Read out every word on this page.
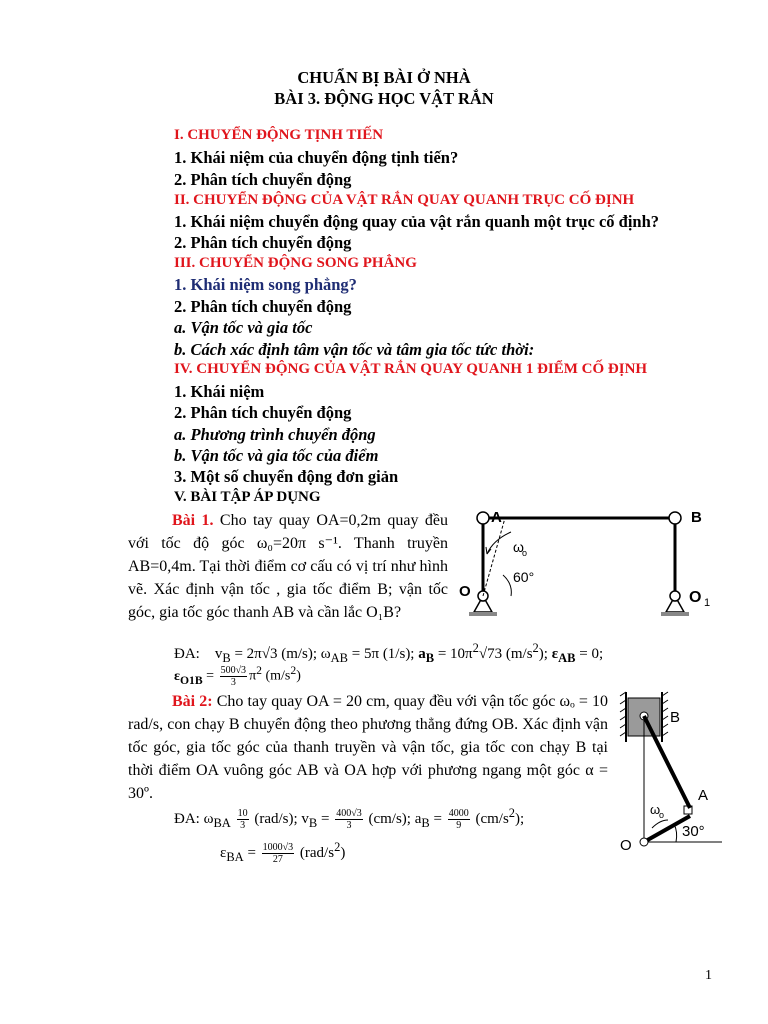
CHUẨN BỊ BÀI Ở NHÀ
BÀI 3. ĐỘNG HỌC VẬT RẮN
I. CHUYỂN ĐỘNG TỊNH TIẾN
1. Khái niệm của chuyển động tịnh tiến?
2. Phân tích chuyển động
II. CHUYỂN ĐỘNG CỦA VẬT RẮN QUAY QUANH TRỤC CỐ ĐỊNH
1. Khái niệm chuyển động quay của vật rắn quanh một trục cố định?
2. Phân tích chuyển động
III. CHUYỂN ĐỘNG SONG PHẲNG
1. Khái niệm song phẳng?
2. Phân tích chuyển động
a. Vận tốc và gia tốc
b. Cách xác định tâm vận tốc và tâm gia tốc tức thời:
IV. CHUYỂN ĐỘNG CỦA VẬT RẮN QUAY QUANH 1 ĐIỂM CỐ ĐỊNH
1. Khái niệm
2. Phân tích chuyển động
a. Phương trình chuyển động
b. Vận tốc và gia tốc của điểm
3. Một số chuyển động đơn giản
V. BÀI TẬP ÁP DỤNG
Bài 1. Cho tay quay OA=0,2m quay đều với tốc độ góc ω₀=20π s⁻¹. Thanh truyền AB=0,4m. Tại thời điểm cơ cấu có vị trí như hình vẽ. Xác định vận tốc , gia tốc điểm B; vận tốc góc, gia tốc góc thanh AB và cần lắc O₁B?
A	B
O	O 1
ω
o
60°
ĐA:    $v_B = 2\pi√3$ (m/s); $\omega_{AB} = 5\pi$ (1/s); $a_B = 10\pi^2√73$ $(m/s^2)$; $\varepsilon_{AB} = 0$;
$\varepsilon_{O1B} = \frac{500√3}{3} \pi^2$ $(m/s^2)$
Bài 2: Cho tay quay OA = 20 cm, quay đều với vận tốc góc ωₒ = 10 rad/s, con chạy B chuyển động theo phương thẳng đứng OB. Xác định vận tốc góc, gia tốc góc của thanh truyền và vận tốc, gia tốc con chạy B tại thời điểm OA vuông góc AB và OA hợp với phương ngang một góc α = 30º.
B
A
O
ω
o
30°
ĐA: $\omega_{BA} \frac{10}{3} (rad/s)$; $v_B = \frac{400√3}{3} (cm/s)$; $a_B = \frac{4000}{9} (cm/s^2)$;
$\varepsilon_{BA} = \frac{1000√3}{27} (rad/s^2)$
1
